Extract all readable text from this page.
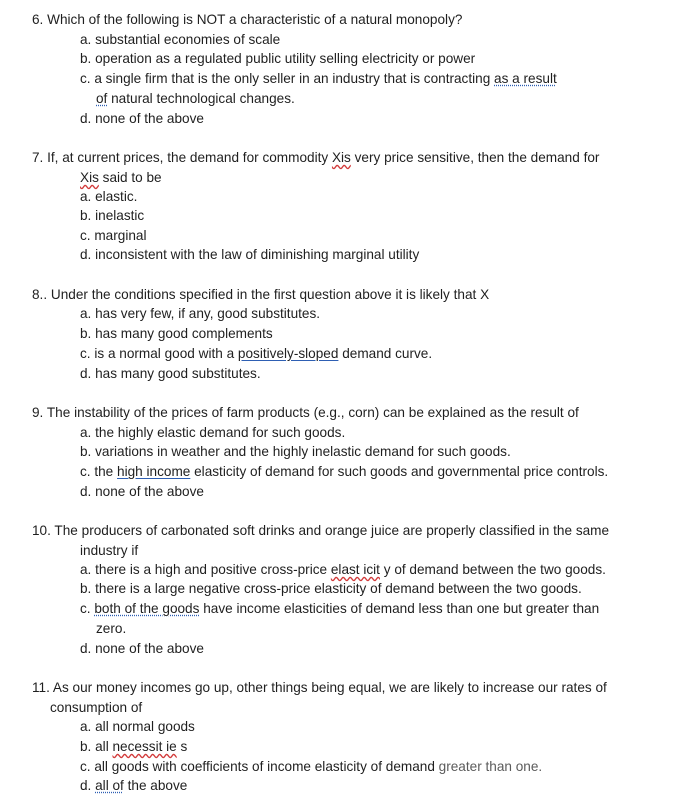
6. Which of the following is NOT a characteristic of a natural monopoly?
a. substantial economies of scale
b. operation as a regulated public utility selling electricity or power
c. a single firm that is the only seller in an industry that is contracting as a result
of natural technological changes.
d. none of the above
7. If, at current prices, the demand for commodity Xis very price sensitive, then the demand for
Xis said to be
a. elastic.
b. inelastic
c. marginal
d. inconsistent with the law of diminishing marginal utility
8.. Under the conditions specified in the first question above it is likely that X
a. has very few, if any, good substitutes.
b. has many good complements
c. is a normal good with a positively-sloped demand curve.
d. has many good substitutes.
9. The instability of the prices of farm products (e.g., corn) can be explained as the result of
a. the highly elastic demand for such goods.
b. variations in weather and the highly inelastic demand for such goods.
c. the high income elasticity of demand for such goods and governmental price controls.
d. none of the above
10. The producers of carbonated soft drinks and orange juice are properly classified in the same
industry if
a. there is a high and positive cross-price elast icit y of demand between the two goods.
b. there is a large negative cross-price elasticity of demand between the two goods.
c. both of the goods have income elasticities of demand less than one but greater than
zero.
d. none of the above
11. As our money incomes go up, other things being equal, we are likely to increase our rates of
consumption of
a. all normal goods
b. all necessit ie s
c. all goods with coefficients of income elasticity of demand greater than one.
d. all of the above
